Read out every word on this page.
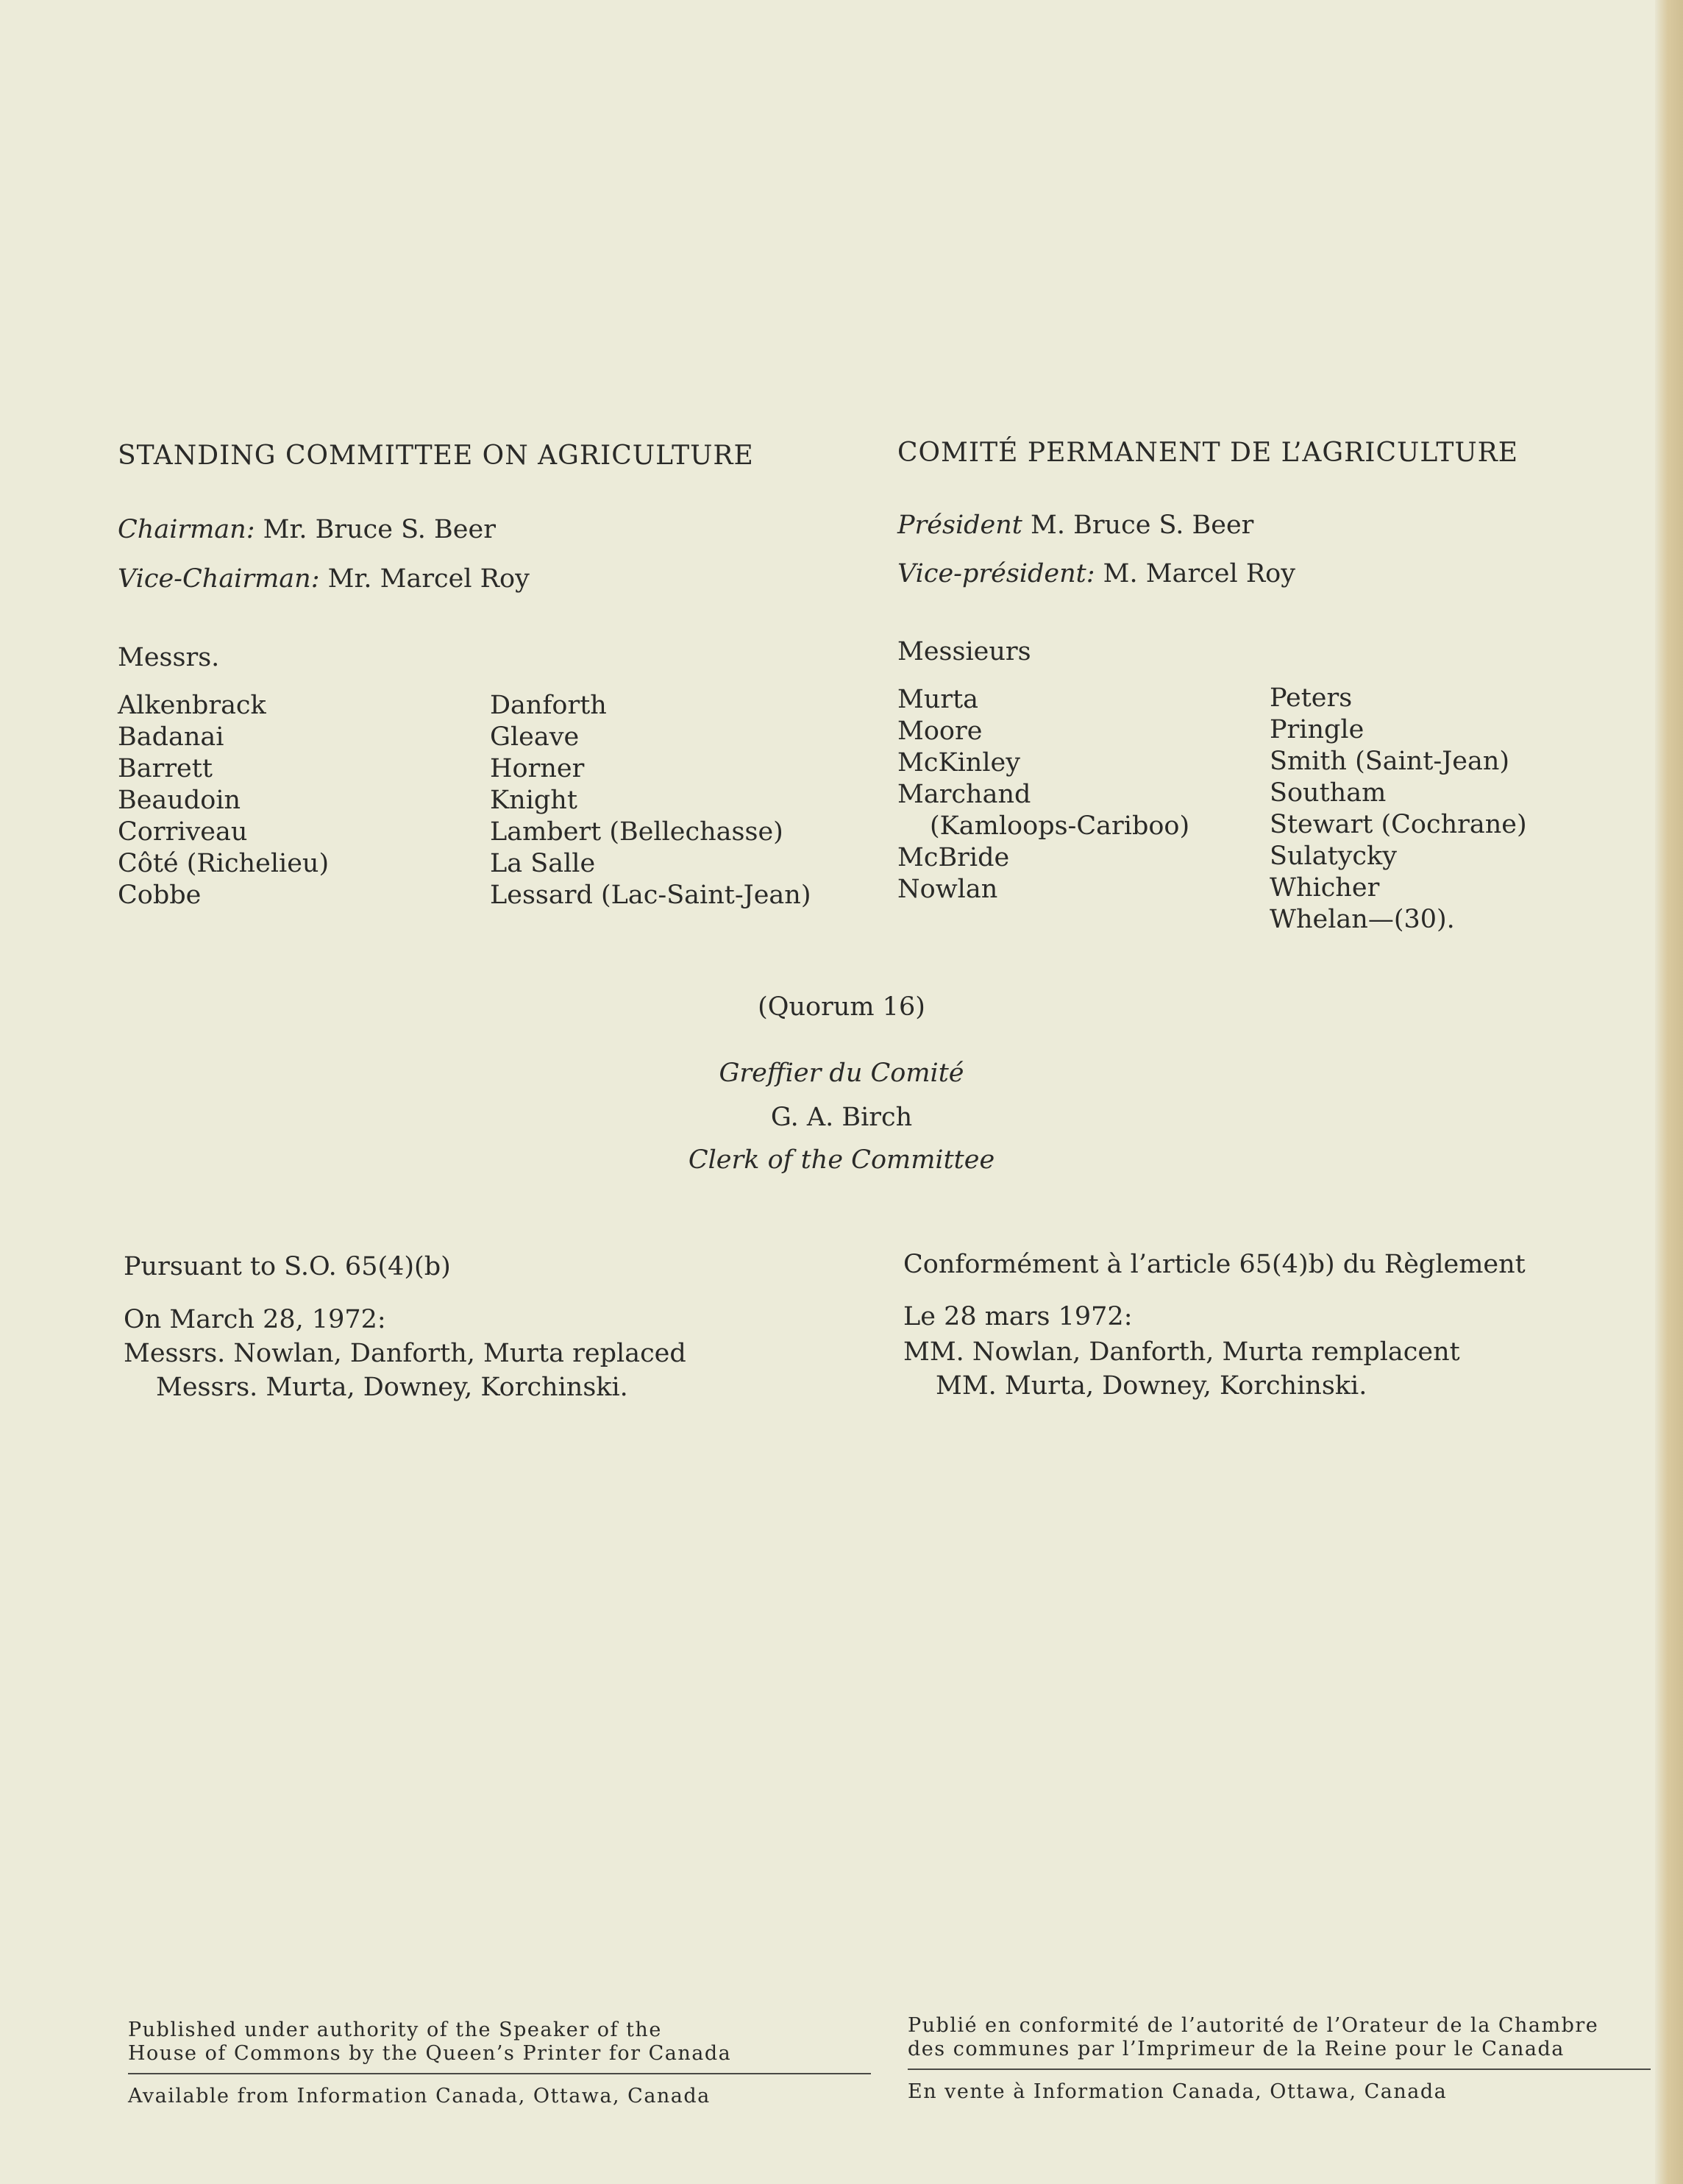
STANDING COMMITTEE ON AGRICULTURE
Chairman: Mr. Bruce S. Beer
Vice-Chairman: Mr. Marcel Roy
Messrs.
Alkenbrack
Badanai
Barrett
Beaudoin
Corriveau
Côté (Richelieu)
Cobbe
Danforth
Gleave
Horner
Knight
Lambert (Bellechasse)
La Salle
Lessard (Lac-Saint-Jean)
COMITÉ PERMANENT DE L’AGRICULTURE
Président M. Bruce S. Beer
Vice-président: M. Marcel Roy
Messieurs
Murta
Moore
McKinley
Marchand
(Kamloops-Cariboo)
McBride
Nowlan
Peters
Pringle
Smith (Saint-Jean)
Southam
Stewart (Cochrane)
Sulatycky
Whicher
Whelan—(30).
(Quorum 16)
Greffier du Comité
G. A. Birch
Clerk of the Committee
Pursuant to S.O. 65(4)(b)
On March 28, 1972:
Messrs. Nowlan, Danforth, Murta replaced
Messrs. Murta, Downey, Korchinski.
Conformément à l’article 65(4)b) du Règlement
Le 28 mars 1972:
MM. Nowlan, Danforth, Murta remplacent
MM. Murta, Downey, Korchinski.
Published under authority of the Speaker of the
House of Commons by the Queen’s Printer for Canada
Available from Information Canada, Ottawa, Canada
Publié en conformité de l’autorité de l’Orateur de la Chambre
des communes par l’Imprimeur de la Reine pour le Canada
En vente à Information Canada, Ottawa, Canada
